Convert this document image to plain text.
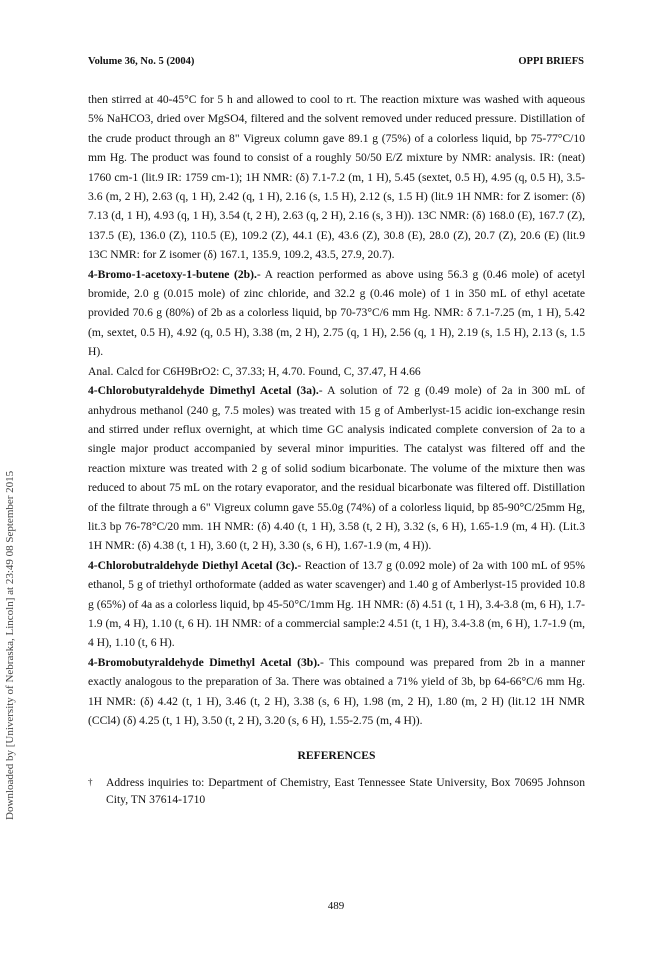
Volume 36, No. 5 (2004)	OPPI BRIEFS
Downloaded by [University of Nebraska, Lincoln] at 23:49 08 September 2015

then stirred at 40-45°C for 5 h and allowed to cool to rt. The reaction mixture was washed with aqueous 5% NaHCO3, dried over MgSO4, filtered and the solvent removed under reduced pressure. Distillation of the crude product through an 8" Vigreux column gave 89.1 g (75%) of a colorless liquid, bp 75-77°C/10 mm Hg. The product was found to consist of a roughly 50/50 E/Z mixture by NMR: analysis. IR: (neat) 1760 cm-1 (lit.9 IR: 1759 cm-1); 1H NMR: (δ) 7.1-7.2 (m, 1 H), 5.45 (sextet, 0.5 H), 4.95 (q, 0.5 H), 3.5-3.6 (m, 2 H), 2.63 (q, 1 H), 2.42 (q, 1 H), 2.16 (s, 1.5 H), 2.12 (s, 1.5 H) (lit.9 1H NMR: for Z isomer: (δ) 7.13 (d, 1 H), 4.93 (q, 1 H), 3.54 (t, 2 H), 2.63 (q, 2 H), 2.16 (s, 3 H)). 13C NMR: (δ) 168.0 (E), 167.7 (Z), 137.5 (E), 136.0 (Z), 110.5 (E), 109.2 (Z), 44.1 (E), 43.6 (Z), 30.8 (E), 28.0 (Z), 20.7 (Z), 20.6 (E) (lit.9 13C NMR: for Z isomer (δ) 167.1, 135.9, 109.2, 43.5, 27.9, 20.7).

4-Bromo-1-acetoxy-1-butene (2b).- A reaction performed as above using 56.3 g (0.46 mole) of acetyl bromide, 2.0 g (0.015 mole) of zinc chloride, and 32.2 g (0.46 mole) of 1 in 350 mL of ethyl acetate provided 70.6 g (80%) of 2b as a colorless liquid, bp 70-73°C/6 mm Hg. NMR: δ 7.1-7.25 (m, 1 H), 5.42 (m, sextet, 0.5 H), 4.92 (q, 0.5 H), 3.38 (m, 2 H), 2.75 (q, 1 H), 2.56 (q, 1 H), 2.19 (s, 1.5 H), 2.13 (s, 1.5 H).

Anal. Calcd for C6H9BrO2: C, 37.33; H, 4.70. Found, C, 37.47, H 4.66

4-Chlorobutyraldehyde Dimethyl Acetal (3a).- A solution of 72 g (0.49 mole) of 2a in 300 mL of anhydrous methanol (240 g, 7.5 moles) was treated with 15 g of Amberlyst-15 acidic ion-exchange resin and stirred under reflux overnight, at which time GC analysis indicated complete conversion of 2a to a single major product accompanied by several minor impurities. The catalyst was filtered off and the reaction mixture was treated with 2 g of solid sodium bicarbonate. The volume of the mixture then was reduced to about 75 mL on the rotary evaporator, and the residual bicarbonate was filtered off. Distillation of the filtrate through a 6" Vigreux column gave 55.0g (74%) of a colorless liquid, bp 85-90°C/25mm Hg, lit.3 bp 76-78°C/20 mm. 1H NMR: (δ) 4.40 (t, 1 H), 3.58 (t, 2 H), 3.32 (s, 6 H), 1.65-1.9 (m, 4 H). (Lit.3 1H NMR: (δ) 4.38 (t, 1 H), 3.60 (t, 2 H), 3.30 (s, 6 H), 1.67-1.9 (m, 4 H)).

4-Chlorobutraldehyde Diethyl Acetal (3c).- Reaction of 13.7 g (0.092 mole) of 2a with 100 mL of 95% ethanol, 5 g of triethyl orthoformate (added as water scavenger) and 1.40 g of Amberlyst-15 provided 10.8 g (65%) of 4a as a colorless liquid, bp 45-50°C/1mm Hg. 1H NMR: (δ) 4.51 (t, 1 H), 3.4-3.8 (m, 6 H), 1.7-1.9 (m, 4 H), 1.10 (t, 6 H). 1H NMR: of a commercial sample:2 4.51 (t, 1 H), 3.4-3.8 (m, 6 H), 1.7-1.9 (m, 4 H), 1.10 (t, 6 H).

4-Bromobutyraldehyde Dimethyl Acetal (3b).- This compound was prepared from 2b in a manner exactly analogous to the preparation of 3a. There was obtained a 71% yield of 3b, bp 64-66°C/6 mm Hg. 1H NMR: (δ) 4.42 (t, 1 H), 3.46 (t, 2 H), 3.38 (s, 6 H), 1.98 (m, 2 H), 1.80 (m, 2 H) (lit.12 1H NMR (CCl4) (δ) 4.25 (t, 1 H), 3.50 (t, 2 H), 3.20 (s, 6 H), 1.55-2.75 (m, 4 H)).

REFERENCES
† Address inquiries to: Department of Chemistry, East Tennessee State University, Box 70695 Johnson City, TN 37614-1710
489
